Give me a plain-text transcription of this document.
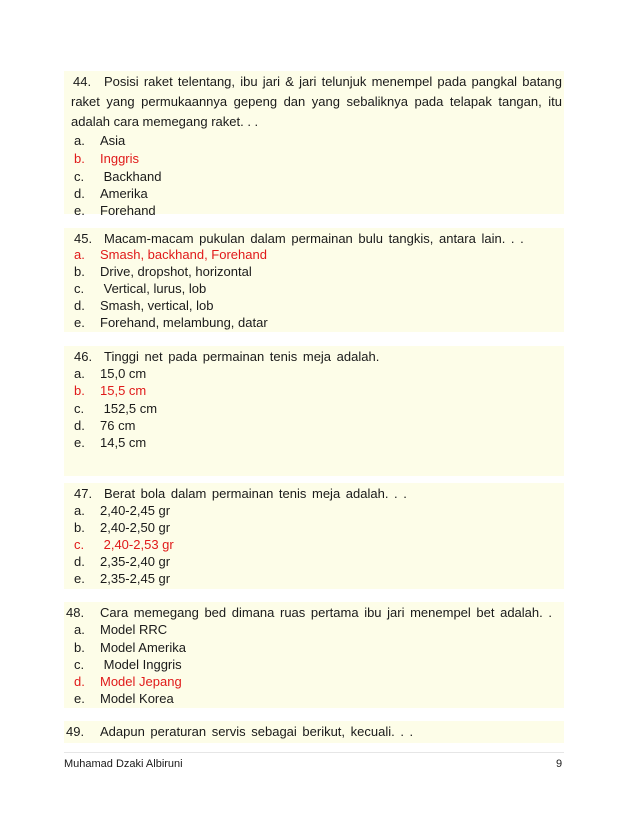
44. Posisi raket telentang, ibu jari & jari telunjuk menempel pada pangkal batang
raket yang permukaannya gepeng dan yang sebaliknya pada telapak tangan, itu
adalah cara memegang raket. . .
a.	Asia
b.	Inggris
c.	Backhand
d.	Amerika
e.	Forehand
45. Macam-macam pukulan dalam permainan bulu tangkis, antara lain. . .
a.	Smash, backhand, Forehand
b.	Drive, dropshot, horizontal
c.	Vertical, lurus, lob
d.	Smash, vertical, lob
e.	Forehand, melambung, datar
46. Tinggi net pada permainan tenis meja adalah.
a.	15,0 cm
b.	15,5 cm
c.	152,5 cm
d.	76 cm
e.	14,5 cm
47. Berat bola dalam permainan tenis meja adalah. . .
a.	2,40-2,45 gr
b.	2,40-2,50 gr
c.	2,40-2,53 gr
d.	2,35-2,40 gr
e.	2,35-2,45 gr
48. Cara memegang bed dimana ruas pertama ibu jari menempel bet adalah. .
a.	Model RRC
b.	Model Amerika
c.	Model Inggris
d.	Model Jepang
e.	Model Korea
49. Adapun peraturan servis sebagai berikut, kecuali. . .
Muhamad Dzaki Albiruni	9
